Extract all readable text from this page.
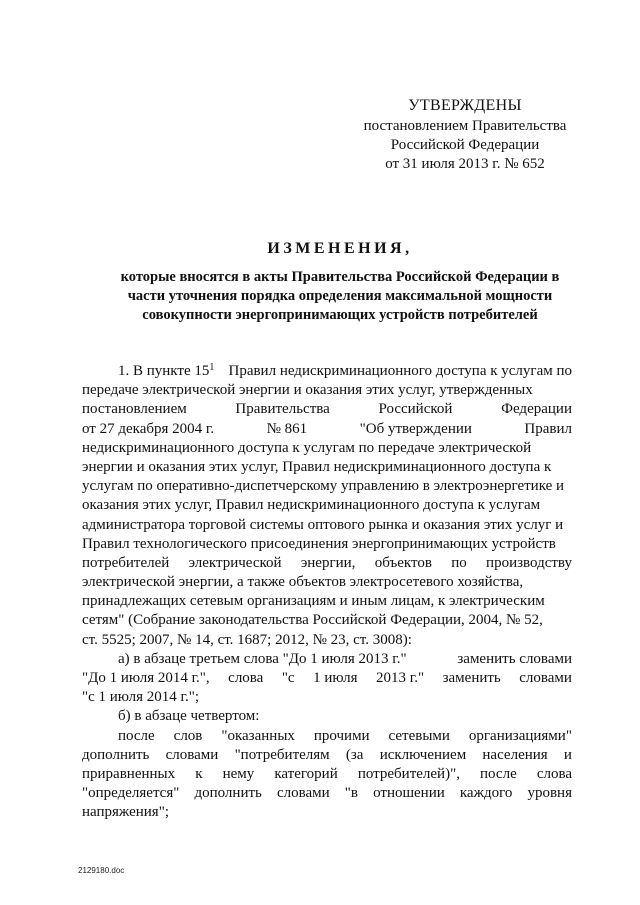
УТВЕРЖДЕНЫ
постановлением Правительства
Российской Федерации
от 31 июля 2013 г. № 652
ИЗМЕНЕНИЯ,
которые вносятся в акты Правительства Российской Федерации в
части уточнения порядка определения максимальной мощности
совокупности энергопринимающих устройств потребителей
1. В пункте $15^1$ Правил недискриминационного доступа к услугам по
передаче электрической энергии и оказания этих услуг, утвержденных
постановлением	Правительства	Российской	Федерации
от 27 декабря 2004 г.	№ 861	"Об утверждении	Правил
недискриминационного доступа к услугам по передаче электрической
энергии и оказания этих услуг, Правил недискриминационного доступа к
услугам по оперативно-диспетчерскому управлению в электроэнергетике и
оказания этих услуг, Правил недискриминационного доступа к услугам
администратора торговой системы оптового рынка и оказания этих услуг и
Правил технологического присоединения энергопринимающих устройств
потребителей электрической энергии, объектов по производству
электрической энергии, а также объектов электросетевого хозяйства,
принадлежащих сетевым организациям и иным лицам, к электрическим
сетям" (Собрание законодательства Российской Федерации, 2004, № 52,
ст. 5525; 2007, № 14, ст. 1687; 2012, № 23, ст. 3008):
а) в абзаце третьем слова "До 1 июля 2013 г."	заменить словами
"До 1 июля 2014 г.", слова "с 1 июля 2013 г." заменить словами
"с 1 июля 2014 г.";
б) в абзаце четвертом:
после слов "оказанных прочими сетевыми организациями"
дополнить словами "потребителям (за исключением населения и
приравненных к нему категорий потребителей)", после слова
"определяется" дополнить словами "в отношении каждого уровня
напряжения";
2129180.doc
